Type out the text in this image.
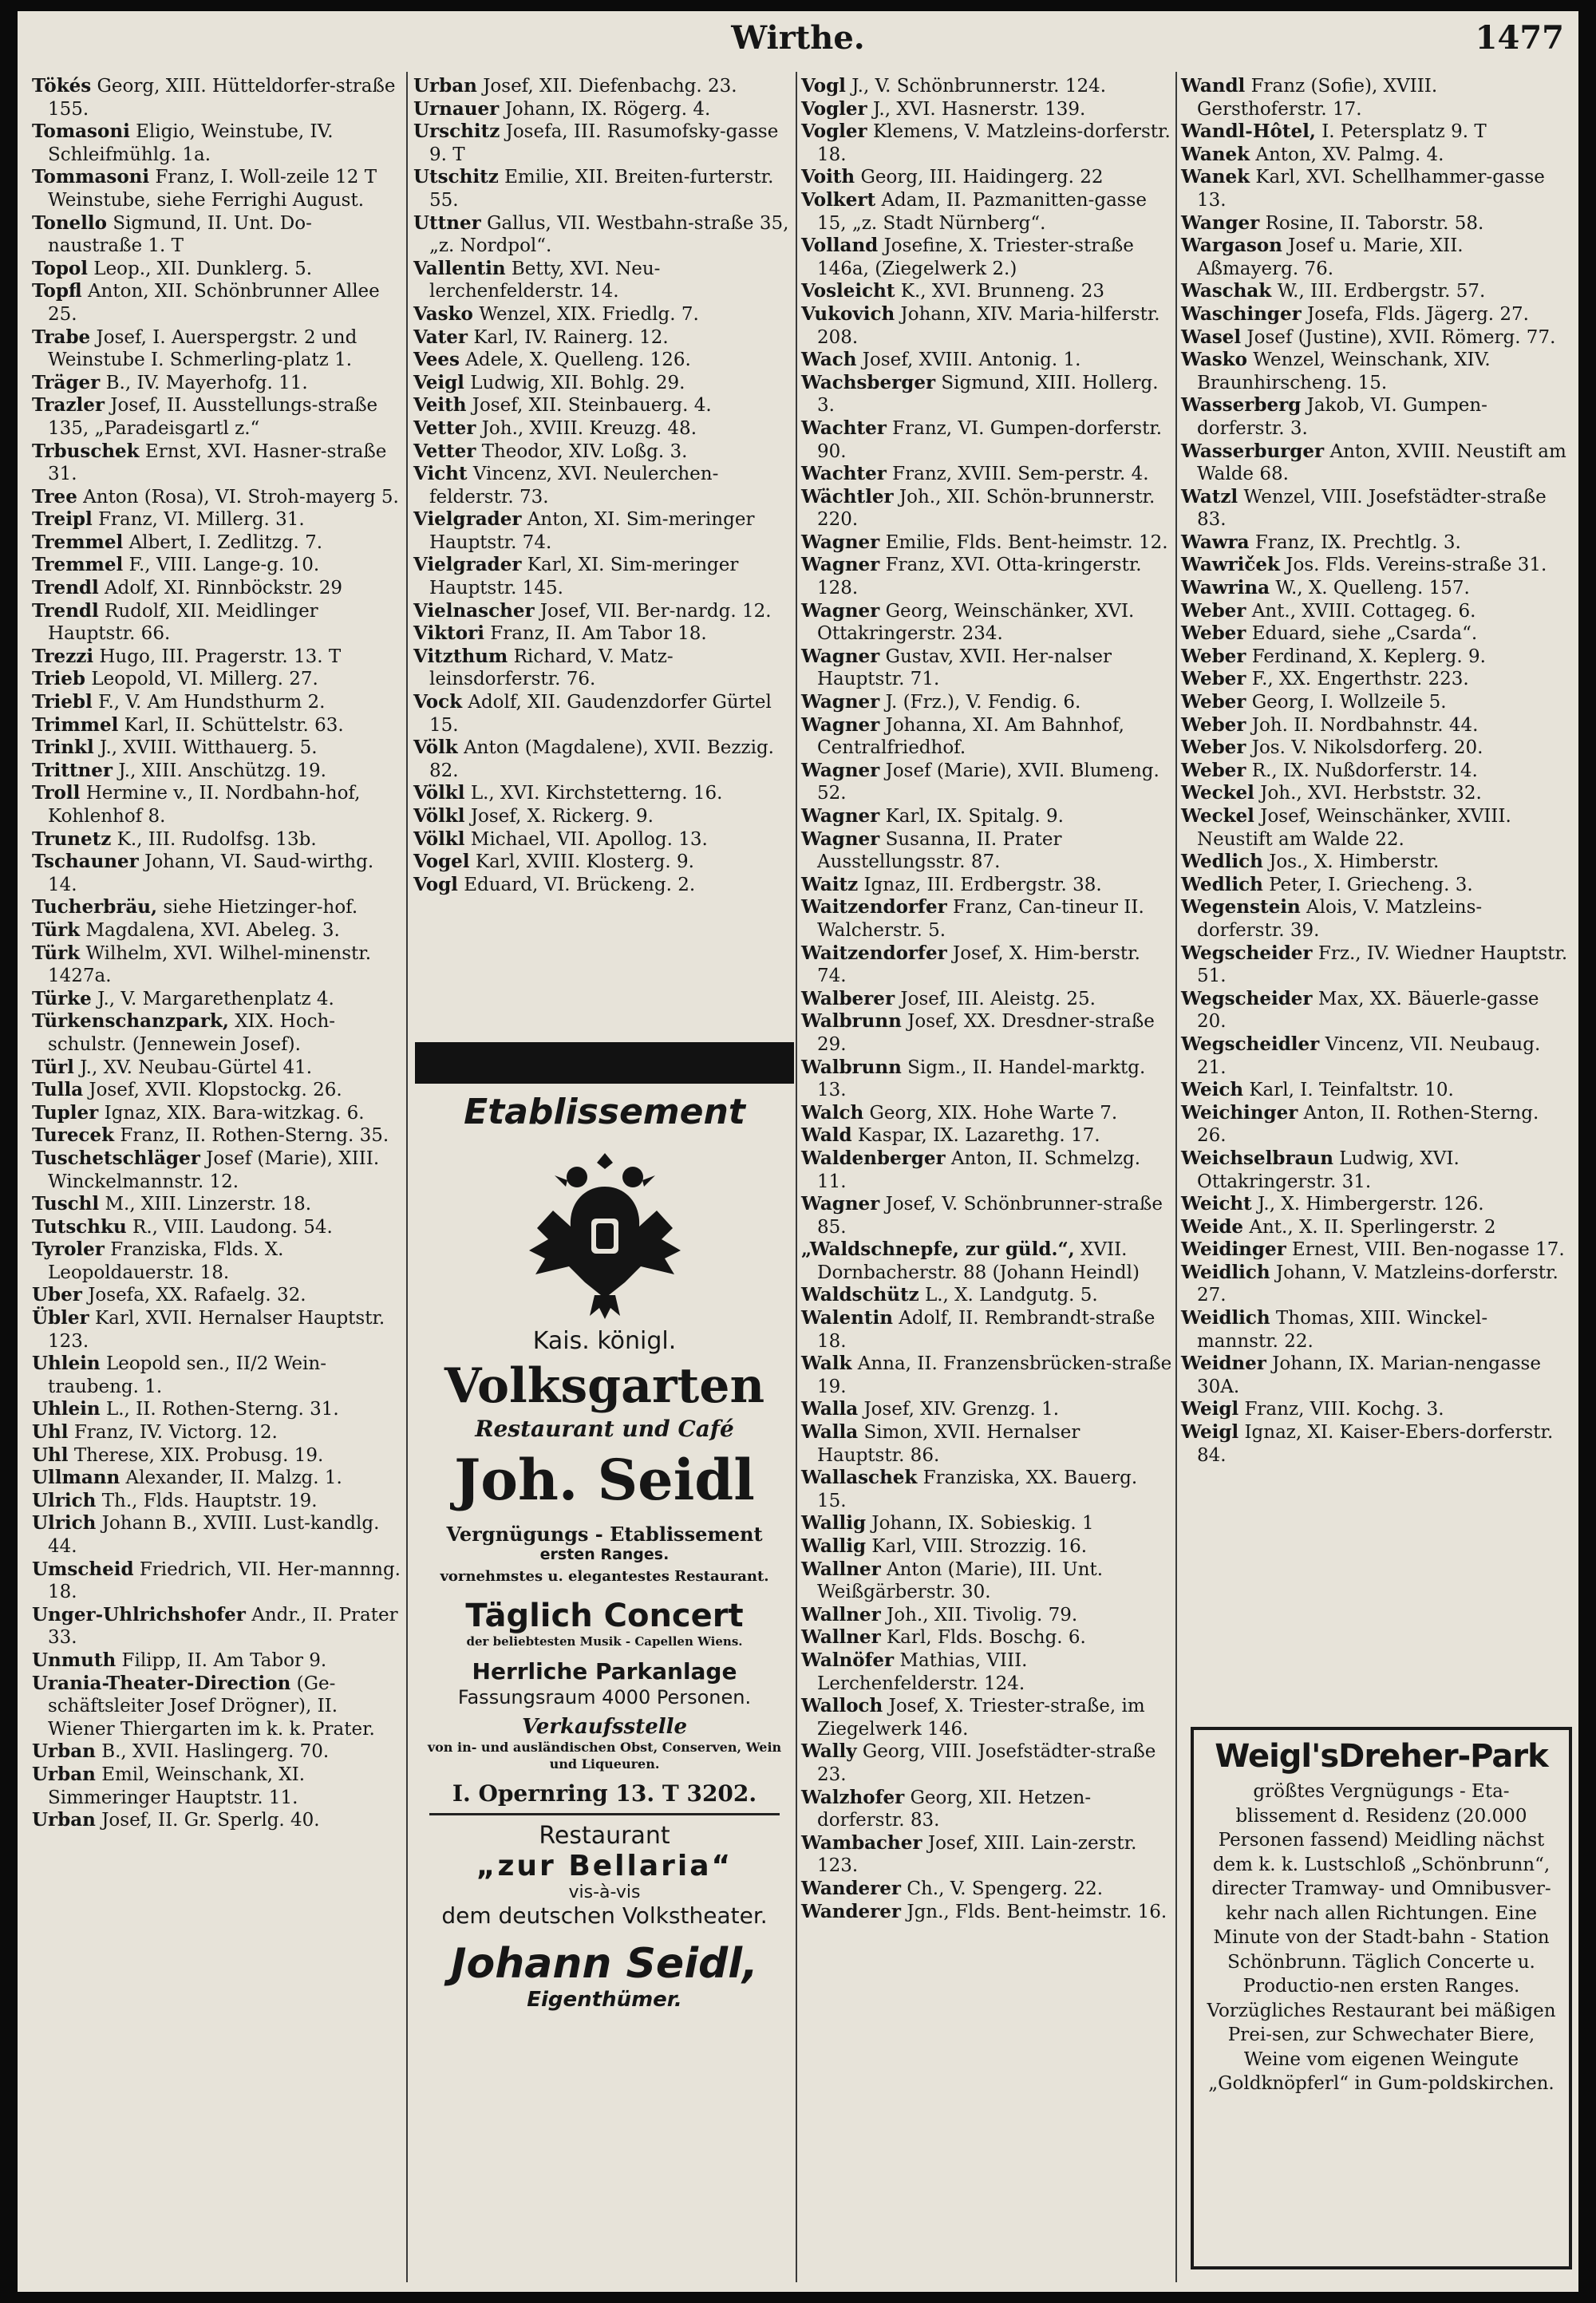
Wirthe.	1477

Tökés Georg, XIII. Hütteldorfer-straße 155.

Tomasoni Eligio, Weinstube, IV. Schleifmühlg. 1a.

Tommasoni Franz, I. Woll-zeile 12 T Weinstube, siehe Ferrighi August.

Tonello Sigmund, II. Unt. Do-naustraße 1. T

Topol Leop., XII. Dunklerg. 5.

Topfl Anton, XII. Schönbrunner Allee 25.

Trabe Josef, I. Auerspergstr. 2 und Weinstube I. Schmerling-platz 1.

Träger B., IV. Mayerhofg. 11.

Trazler Josef, II. Ausstellungs-straße 135, „Paradeisgartl z.“

Trbuschek Ernst, XVI. Hasner-straße 31.

Tree Anton (Rosa), VI. Stroh-mayerg 5.

Treipl Franz, VI. Millerg. 31.

Tremmel Albert, I. Zedlitzg. 7.

Tremmel F., VIII. Lange-g. 10.

Trendl Adolf, XI. Rinnböckstr. 29

Trendl Rudolf, XII. Meidlinger Hauptstr. 66.

Trezzi Hugo, III. Pragerstr. 13. T

Trieb Leopold, VI. Millerg. 27.

Triebl F., V. Am Hundsthurm 2.

Trimmel Karl, II. Schüttelstr. 63.

Trinkl J., XVIII. Witthauerg. 5.

Trittner J., XIII. Anschützg. 19.

Troll Hermine v., II. Nordbahn-hof, Kohlenhof 8.

Trunetz K., III. Rudolfsg. 13b.

Tschauner Johann, VI. Saud-wirthg. 14.

Tucherbräu, siehe Hietzinger-hof.

Türk Magdalena, XVI. Abeleg. 3.

Türk Wilhelm, XVI. Wilhel-minenstr. 1427a.

Türke J., V. Margarethenplatz 4.

Türkenschanzpark, XIX. Hoch-schulstr. (Jennewein Josef).

Türl J., XV. Neubau-Gürtel 41.

Tulla Josef, XVII. Klopstockg. 26.

Tupler Ignaz, XIX. Bara-witzkag. 6.

Turecek Franz, II. Rothen-Sterng. 35.

Tuschetschläger Josef (Marie), XIII. Winckelmannstr. 12.

Tuschl M., XIII. Linzerstr. 18.

Tutschku R., VIII. Laudong. 54.

Tyroler Franziska, Flds. X. Leopoldauerstr. 18.

Uber Josefa, XX. Rafaelg. 32.

Übler Karl, XVII. Hernalser Hauptstr. 123.

Uhlein Leopold sen., II/2 Wein-traubeng. 1.

Uhlein L., II. Rothen-Sterng. 31.

Uhl Franz, IV. Victorg. 12.

Uhl Therese, XIX. Probusg. 19.

Ullmann Alexander, II. Malzg. 1.

Ulrich Th., Flds. Hauptstr. 19.

Ulrich Johann B., XVIII. Lust-kandlg. 44.

Umscheid Friedrich, VII. Her-mannng. 18.

Unger-Uhlrichshofer Andr., II. Prater 33.

Unmuth Filipp, II. Am Tabor 9.

Urania-Theater-Direction (Ge-schäftsleiter Josef Drögner), II. Wiener Thiergarten im k. k. Prater.

Urban B., XVII. Haslingerg. 70.

Urban Emil, Weinschank, XI. Simmeringer Hauptstr. 11.

Urban Josef, II. Gr. Sperlg. 40.

Urban Josef, XII. Diefenbachg. 23.

Urnauer Johann, IX. Rögerg. 4.

Urschitz Josefa, III. Rasumofsky-gasse 9. T

Utschitz Emilie, XII. Breiten-furterstr. 55.

Uttner Gallus, VII. Westbahn-straße 35, „z. Nordpol“.

Vallentin Betty, XVI. Neu-lerchenfelderstr. 14.

Vasko Wenzel, XIX. Friedlg. 7.

Vater Karl, IV. Rainerg. 12.

Vees Adele, X. Quelleng. 126.

Veigl Ludwig, XII. Bohlg. 29.

Veith Josef, XII. Steinbauerg. 4.

Vetter Joh., XVIII. Kreuzg. 48.

Vetter Theodor, XIV. Loßg. 3.

Vicht Vincenz, XVI. Neulerchen-felderstr. 73.

Vielgrader Anton, XI. Sim-meringer Hauptstr. 74.

Vielgrader Karl, XI. Sim-meringer Hauptstr. 145.

Vielnascher Josef, VII. Ber-nardg. 12.

Viktori Franz, II. Am Tabor 18.

Vitzthum Richard, V. Matz-leinsdorferstr. 76.

Vock Adolf, XII. Gaudenzdorfer Gürtel 15.

Völk Anton (Magdalene), XVII. Bezzig. 82.

Völkl L., XVI. Kirchstetterng. 16.

Völkl Josef, X. Rickerg. 9.

Völkl Michael, VII. Apollog. 13.

Vogel Karl, XVIII. Klosterg. 9.

Vogl Eduard, VI. Brückeng. 2.

Vogl J., V. Schönbrunnerstr. 124.

Vogler J., XVI. Hasnerstr. 139.

Vogler Klemens, V. Matzleins-dorferstr. 18.

Voith Georg, III. Haidingerg. 22

Volkert Adam, II. Pazmanitten-gasse 15, „z. Stadt Nürnberg“.

Volland Josefine, X. Triester-straße 146a, (Ziegelwerk 2.)

Vosleicht K., XVI. Brunneng. 23

Vukovich Johann, XIV. Maria-hilferstr. 208.

Wach Josef, XVIII. Antonig. 1.

Wachsberger Sigmund, XIII. Hollerg. 3.

Wachter Franz, VI. Gumpen-dorferstr. 90.

Wachter Franz, XVIII. Sem-perstr. 4.

Wächtler Joh., XII. Schön-brunnerstr. 220.

Wagner Emilie, Flds. Bent-heimstr. 12.

Wagner Franz, XVI. Otta-kringerstr. 128.

Wagner Georg, Weinschänker, XVI. Ottakringerstr. 234.

Wagner Gustav, XVII. Her-nalser Hauptstr. 71.

Wagner J. (Frz.), V. Fendig. 6.

Wagner Johanna, XI. Am Bahnhof, Centralfriedhof.

Wagner Josef (Marie), XVII. Blumeng. 52.

Wagner Karl, IX. Spitalg. 9.

Wagner Susanna, II. Prater Ausstellungsstr. 87.

Waitz Ignaz, III. Erdbergstr. 38.

Waitzendorfer Franz, Can-tineur II. Walcherstr. 5.

Waitzendorfer Josef, X. Him-berstr. 74.

Walberer Josef, III. Aleistg. 25.

Walbrunn Josef, XX. Dresdner-straße 29.

Walbrunn Sigm., II. Handel-marktg. 13.

Walch Georg, XIX. Hohe Warte 7.

Wald Kaspar, IX. Lazarethg. 17.

Waldenberger Anton, II. Schmelzg. 11.

Wagner Josef, V. Schönbrunner-straße 85.

„Waldschnepfe, zur güld.“, XVII. Dornbacherstr. 88 (Johann Heindl)

Waldschütz L., X. Landgutg. 5.

Walentin Adolf, II. Rembrandt-straße 18.

Walk Anna, II. Franzensbrücken-straße 19.

Walla Josef, XIV. Grenzg. 1.

Walla Simon, XVII. Hernalser Hauptstr. 86.

Wallaschek Franziska, XX. Bauerg. 15.

Wallig Johann, IX. Sobieskig. 1

Wallig Karl, VIII. Strozzig. 16.

Wallner Anton (Marie), III. Unt. Weißgärberstr. 30.

Wallner Joh., XII. Tivolig. 79.

Wallner Karl, Flds. Boschg. 6.

Walnöfer Mathias, VIII. Lerchenfelderstr. 124.

Walloch Josef, X. Triester-straße, im Ziegelwerk 146.

Wally Georg, VIII. Josefstädter-straße 23.

Walzhofer Georg, XII. Hetzen-dorferstr. 83.

Wambacher Josef, XIII. Lain-zerstr. 123.

Wanderer Ch., V. Spengerg. 22.

Wanderer Jgn., Flds. Bent-heimstr. 16.

Wandl Franz (Sofie), XVIII. Gersthoferstr. 17.

Wandl-Hôtel, I. Petersplatz 9. T

Wanek Anton, XV. Palmg. 4.

Wanek Karl, XVI. Schellhammer-gasse 13.

Wanger Rosine, II. Taborstr. 58.

Wargason Josef u. Marie, XII. Aßmayerg. 76.

Waschak W., III. Erdbergstr. 57.

Waschinger Josefa, Flds. Jägerg. 27.

Wasel Josef (Justine), XVII. Römerg. 77.

Wasko Wenzel, Weinschank, XIV. Braunhirscheng. 15.

Wasserberg Jakob, VI. Gumpen-dorferstr. 3.

Wasserburger Anton, XVIII. Neustift am Walde 68.

Watzl Wenzel, VIII. Josefstädter-straße 83.

Wawra Franz, IX. Prechtlg. 3.

Wawriček Jos. Flds. Vereins-straße 31.

Wawrina W., X. Quelleng. 157.

Weber Ant., XVIII. Cottageg. 6.

Weber Eduard, siehe „Csarda“.

Weber Ferdinand, X. Keplerg. 9.

Weber F., XX. Engerthstr. 223.

Weber Georg, I. Wollzeile 5.

Weber Joh. II. Nordbahnstr. 44.

Weber Jos. V. Nikolsdorferg. 20.

Weber R., IX. Nußdorferstr. 14.

Weckel Joh., XVI. Herbststr. 32.

Weckel Josef, Weinschänker, XVIII. Neustift am Walde 22.

Wedlich Jos., X. Himberstr.

Wedlich Peter, I. Griecheng. 3.

Wegenstein Alois, V. Matzleins-dorferstr. 39.

Wegscheider Frz., IV. Wiedner Hauptstr. 51.

Wegscheider Max, XX. Bäuerle-gasse 20.

Wegscheidler Vincenz, VII. Neubaug. 21.

Weich Karl, I. Teinfaltstr. 10.

Weichinger Anton, II. Rothen-Sterng. 26.

Weichselbraun Ludwig, XVI. Ottakringerstr. 31.

Weicht J., X. Himbergerstr. 126.

Weide Ant., X. II. Sperlingerstr. 2

Weidinger Ernest, VIII. Ben-nogasse 17.

Weidlich Johann, V. Matzleins-dorferstr. 27.

Weidlich Thomas, XIII. Winckel-mannstr. 22.

Weidner Johann, IX. Marian-nengasse 30A.

Weigl Franz, VIII. Kochg. 3.

Weigl Ignaz, XI. Kaiser-Ebers-dorferstr. 84.

Etablissement
Kais. königl.
Volksgarten
Restaurant und Café
Joh. Seidl
Vergnügungs - Etablissement
ersten Ranges.
vornehmstes u. elegantestes Restaurant.
Täglich Concert
der beliebtesten Musik - Capellen Wiens.
Herrliche Parkanlage
Fassungsraum 4000 Personen.
Verkaufsstelle
von in- und ausländischen Obst, Conserven, Wein und Liqueuren.
I. Opernring 13. T 3202.
Restaurant
„zur Bellaria“
vis-à-vis
dem deutschen Volkstheater.
Johann Seidl,
Eigenthümer.
Weigl'sDreher-Park
größtes Vergnügungs - Eta-blissement d. Residenz (20.000 Personen fassend) Meidling nächst dem k. k. Lustschloß „Schönbrunn“, directer Tramway- und Omnibusver-kehr nach allen Richtungen. Eine Minute von der Stadt-bahn - Station Schönbrunn. Täglich Concerte u. Productio-nen ersten Ranges. Vorzügliches Restaurant bei mäßigen Prei-sen, zur Schwechater Biere, Weine vom eigenen Weingute „Goldknöpferl“ in Gum-poldskirchen.
